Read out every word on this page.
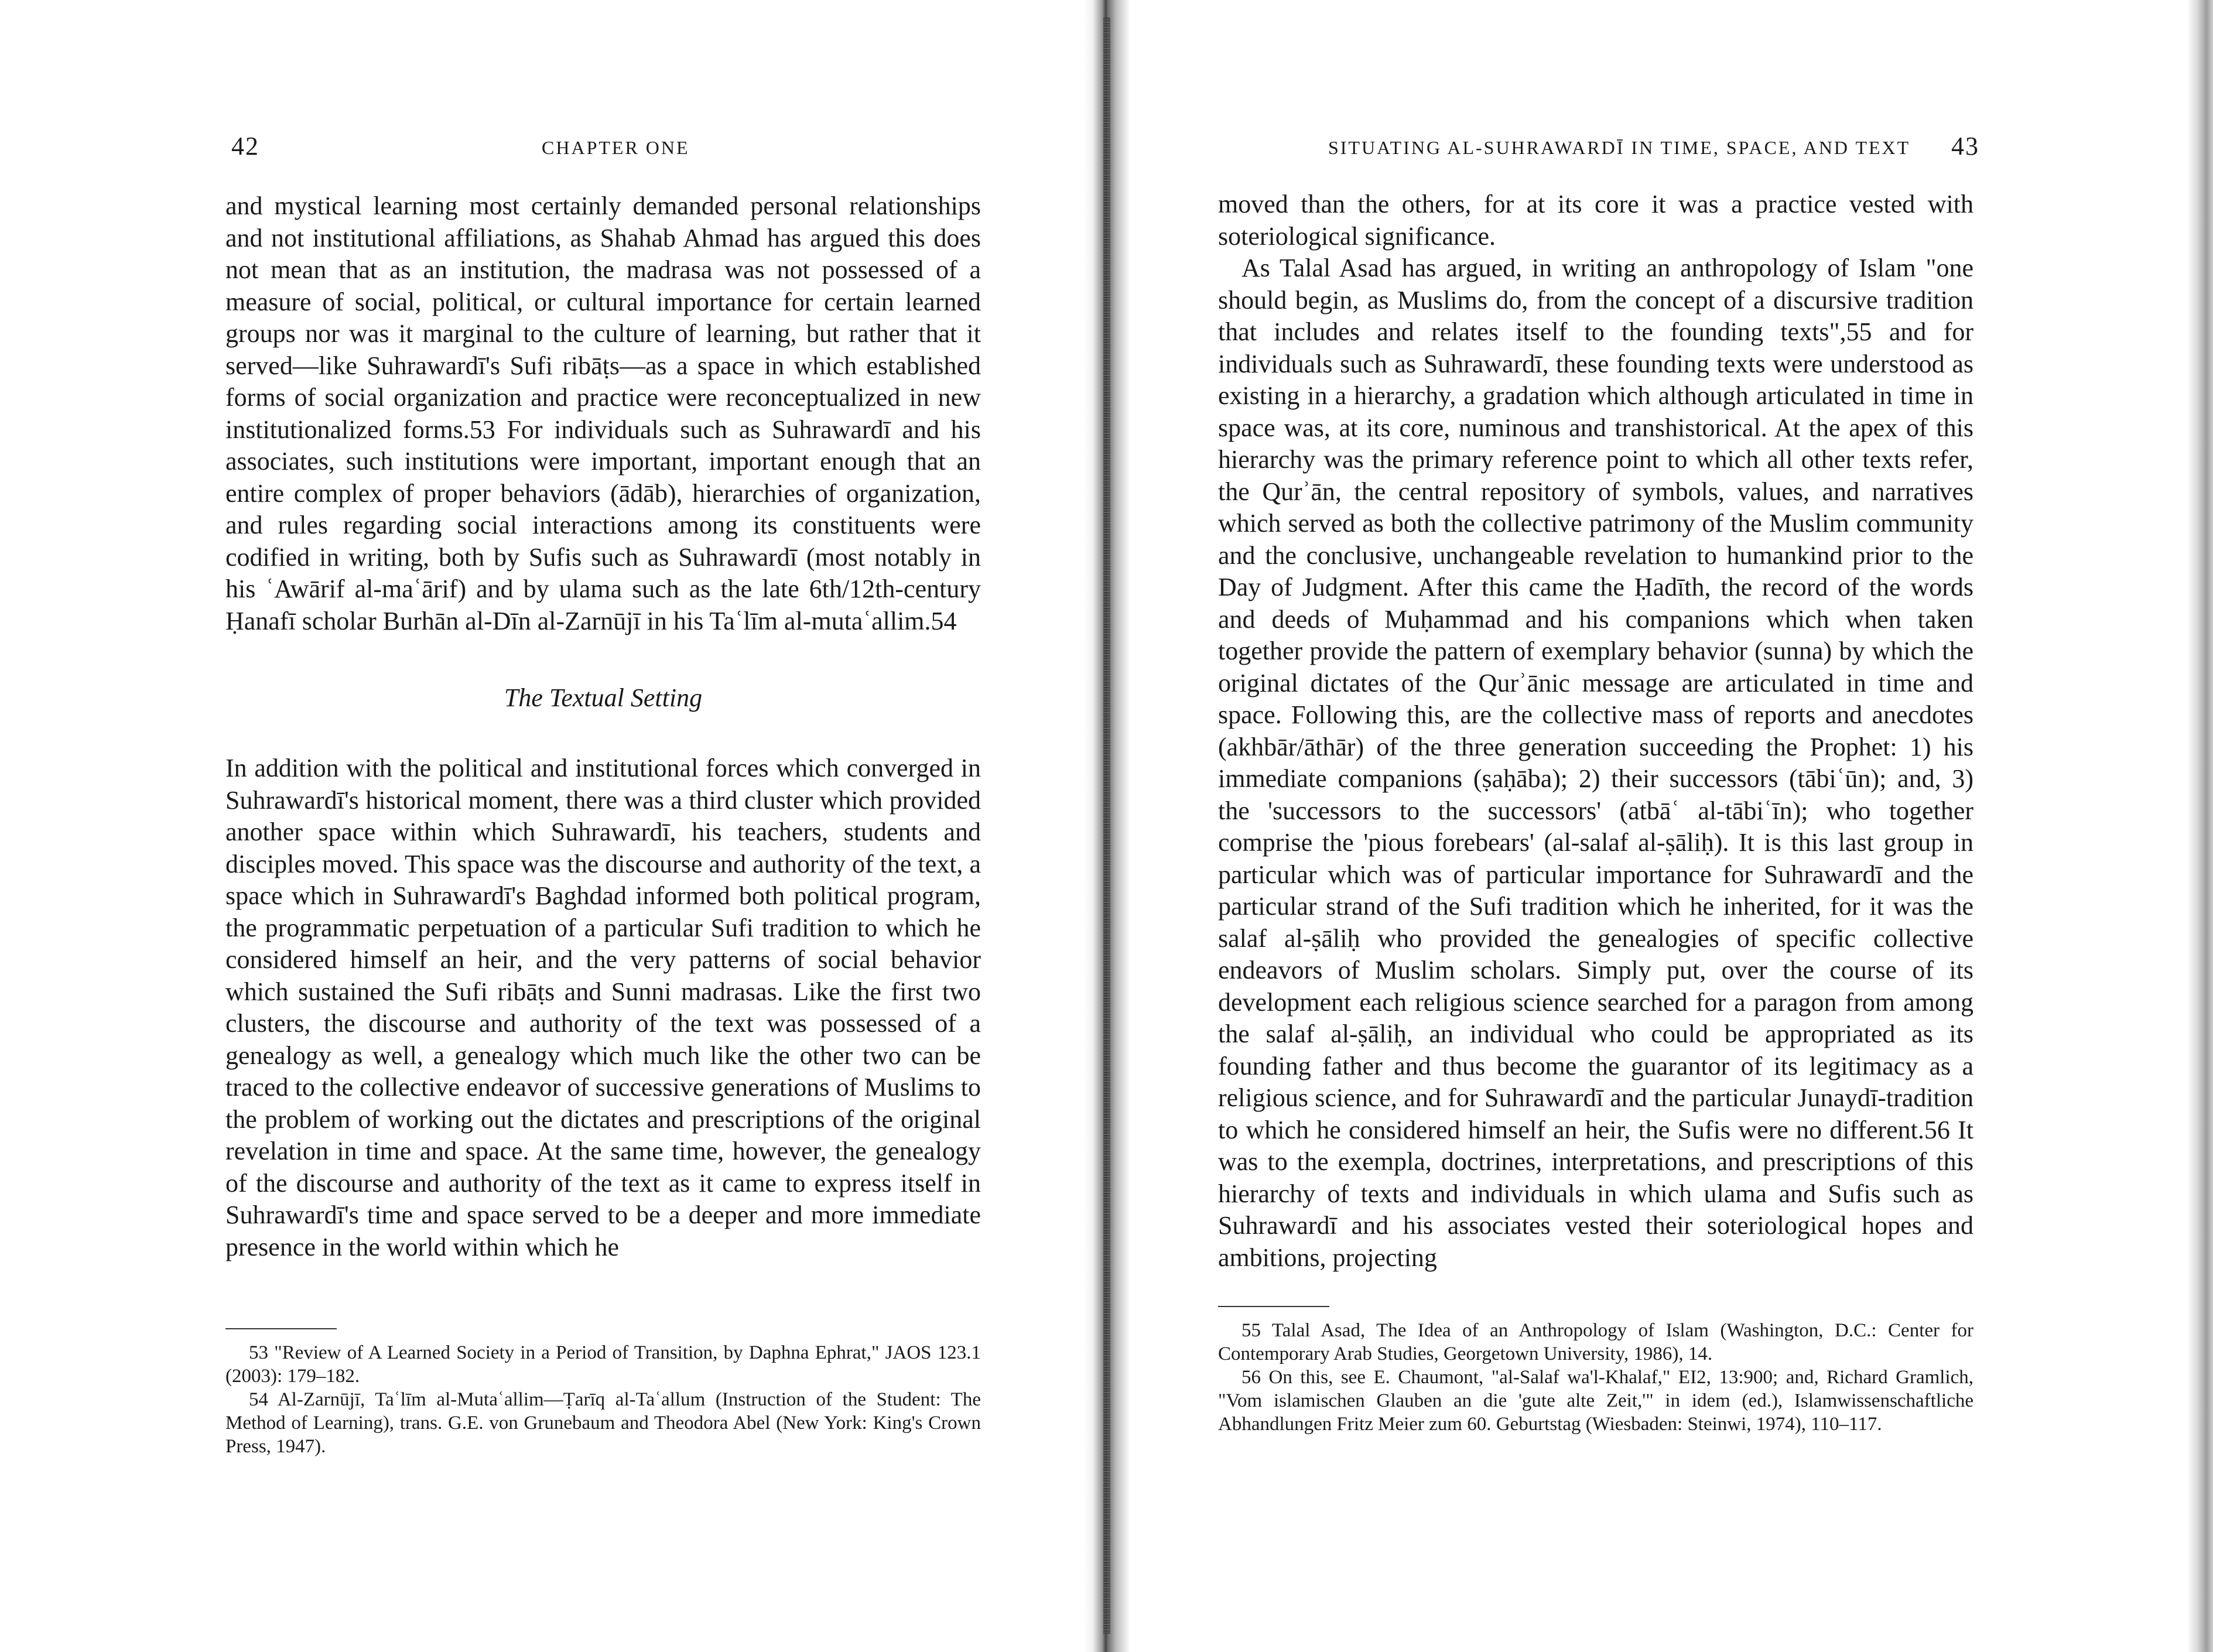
42	CHAPTER ONE

and mystical learning most certainly demanded personal relationships and not institutional affiliations, as Shahab Ahmad has argued this does not mean that as an institution, the madrasa was not possessed of a measure of social, political, or cultural importance for certain learned groups nor was it marginal to the culture of learning, but rather that it served—like Suhrawardī's Sufi ribāṭs—as a space in which established forms of social organization and practice were reconceptualized in new institutionalized forms.53 For individuals such as Suhrawardī and his associates, such institutions were important, important enough that an entire complex of proper behaviors (ādāb), hierarchies of organization, and rules regarding social interactions among its constituents were codified in writing, both by Sufis such as Suhrawardī (most notably in his ʿAwārif al-maʿārif) and by ulama such as the late 6th/12th-century Ḥanafī scholar Burhān al-Dīn al-Zarnūjī in his Taʿlīm al-mutaʿallim.54

The Textual Setting

In addition with the political and institutional forces which converged in Suhrawardī's historical moment, there was a third cluster which provided another space within which Suhrawardī, his teachers, students and disciples moved. This space was the discourse and authority of the text, a space which in Suhrawardī's Baghdad informed both political program, the programmatic perpetuation of a particular Sufi tradition to which he considered himself an heir, and the very patterns of social behavior which sustained the Sufi ribāṭs and Sunni madrasas. Like the first two clusters, the discourse and authority of the text was possessed of a genealogy as well, a genealogy which much like the other two can be traced to the collective endeavor of successive generations of Muslims to the problem of working out the dictates and prescriptions of the original revelation in time and space. At the same time, however, the genealogy of the discourse and authority of the text as it came to express itself in Suhrawardī's time and space served to be a deeper and more immediate presence in the world within which he

53 "Review of A Learned Society in a Period of Transition, by Daphna Ephrat," JAOS 123.1 (2003): 179–182.

54 Al-Zarnūjī, Taʿlīm al-Mutaʿallim—Ṭarīq al-Taʿallum (Instruction of the Student: The Method of Learning), trans. G.E. von Grunebaum and Theodora Abel (New York: King's Crown Press, 1947).

SITUATING AL-SUHRAWARDĪ IN TIME, SPACE, AND TEXT 43

moved than the others, for at its core it was a practice vested with soteriological significance.

As Talal Asad has argued, in writing an anthropology of Islam "one should begin, as Muslims do, from the concept of a discursive tradition that includes and relates itself to the founding texts",55 and for individuals such as Suhrawardī, these founding texts were understood as existing in a hierarchy, a gradation which although articulated in time in space was, at its core, numinous and transhistorical. At the apex of this hierarchy was the primary reference point to which all other texts refer, the Qurʾān, the central repository of symbols, values, and narratives which served as both the collective patrimony of the Muslim community and the conclusive, unchangeable revelation to humankind prior to the Day of Judgment. After this came the Ḥadīth, the record of the words and deeds of Muḥammad and his companions which when taken together provide the pattern of exemplary behavior (sunna) by which the original dictates of the Qurʾānic message are articulated in time and space. Following this, are the collective mass of reports and anecdotes (akhbār/āthār) of the three generation succeeding the Prophet: 1) his immediate companions (ṣaḥāba); 2) their successors (tābiʿūn); and, 3) the 'successors to the successors' (atbāʿ al-tābiʿīn); who together comprise the 'pious forebears' (al-salaf al-ṣāliḥ). It is this last group in particular which was of particular importance for Suhrawardī and the particular strand of the Sufi tradition which he inherited, for it was the salaf al-ṣāliḥ who provided the genealogies of specific collective endeavors of Muslim scholars. Simply put, over the course of its development each religious science searched for a paragon from among the salaf al-ṣāliḥ, an individual who could be appropriated as its founding father and thus become the guarantor of its legitimacy as a religious science, and for Suhrawardī and the particular Junaydī-tradition to which he considered himself an heir, the Sufis were no different.56 It was to the exempla, doctrines, interpretations, and prescriptions of this hierarchy of texts and individuals in which ulama and Sufis such as Suhrawardī and his associates vested their soteriological hopes and ambitions, projecting

55 Talal Asad, The Idea of an Anthropology of Islam (Washington, D.C.: Center for Contemporary Arab Studies, Georgetown University, 1986), 14.

56 On this, see E. Chaumont, "al-Salaf wa'l-Khalaf," EI2, 13:900; and, Richard Gramlich, "Vom islamischen Glauben an die 'gute alte Zeit,'" in idem (ed.), Islamwissenschaftliche Abhandlungen Fritz Meier zum 60. Geburtstag (Wiesbaden: Steinwi, 1974), 110–117.
